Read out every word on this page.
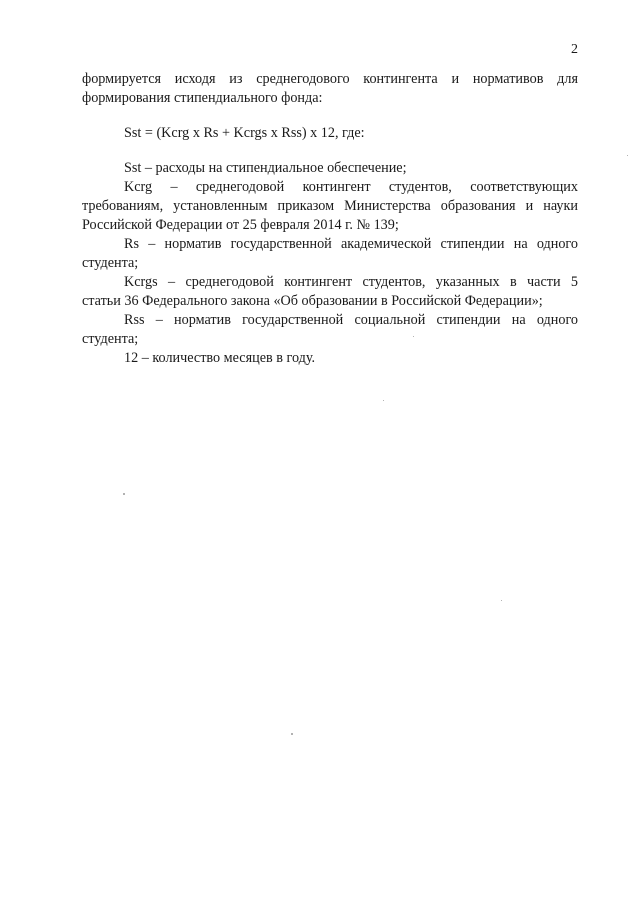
2
формируется исходя из среднегодового контингента и нормативов для
формирования стипендиального фонда:
Sst = (Kcrg x Rs + Kcrgs x Rss) x 12, где:
Sst – расходы на стипендиальное обеспечение;
Kcrg – среднегодовой контингент студентов, соответствующих
требованиям, установленным приказом Министерства образования и науки
Российской Федерации от 25 февраля 2014 г. № 139;
Rs – норматив государственной академической стипендии на одного
студента;
Kcrgs – среднегодовой контингент студентов, указанных в части 5
статьи 36 Федерального закона «Об образовании в Российской Федерации»;
Rss – норматив государственной социальной стипендии на одного
студента;
12 – количество месяцев в году.
